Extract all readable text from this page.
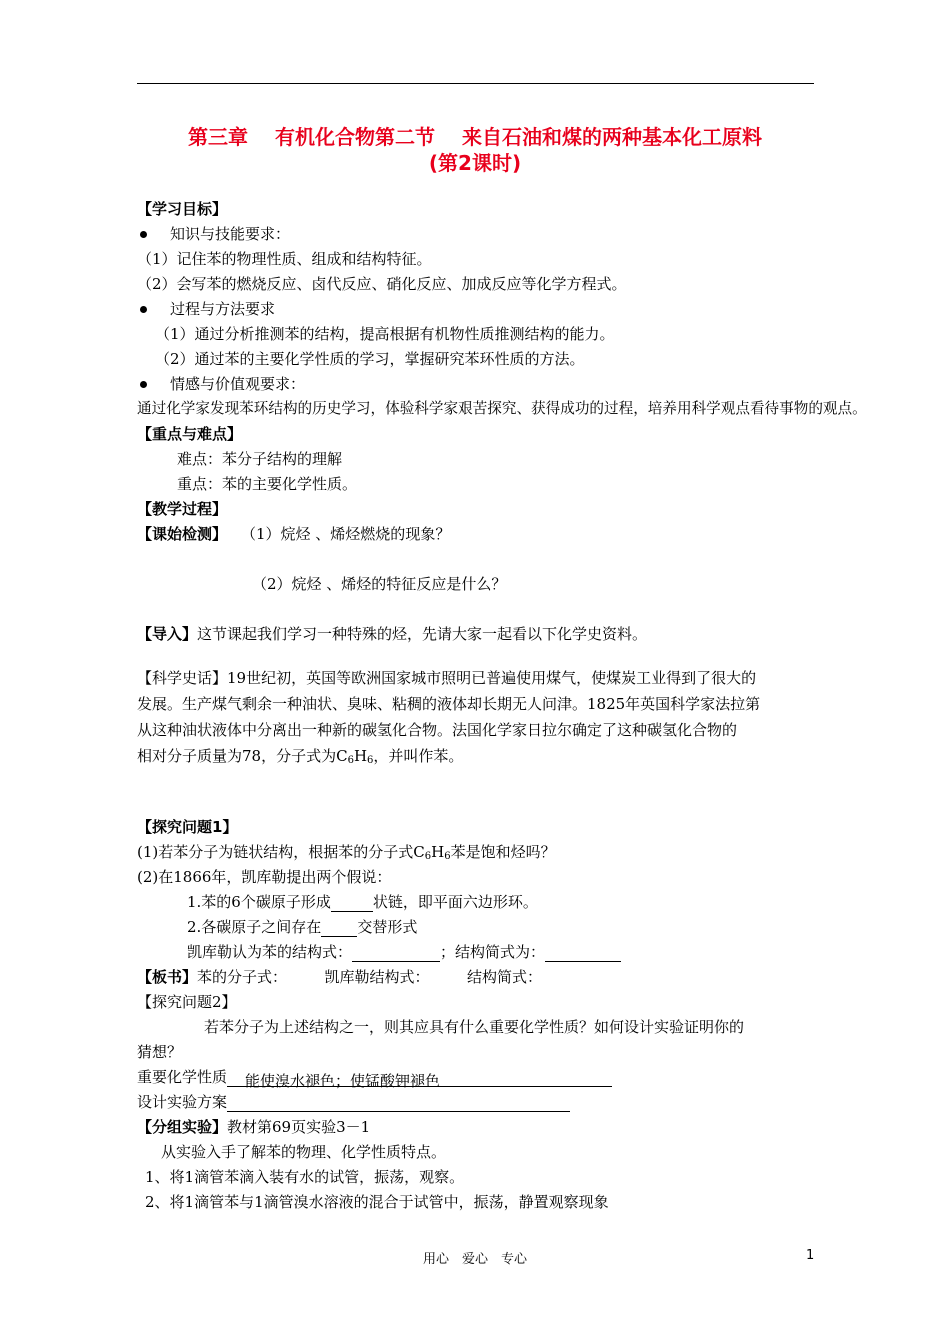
第三章　 有机化合物第二节　 来自石油和煤的两种基本化工原料
(第2课时)
【学习目标】
知识与技能要求：
（1）记住苯的物理性质、组成和结构特征。
（2）会写苯的燃烧反应、卤代反应、硝化反应、加成反应等化学方程式。
过程与方法要求
（1）通过分析推测苯的结构，提高根据有机物性质推测结构的能力。
（2）通过苯的主要化学性质的学习，掌握研究苯环性质的方法。
情感与价值观要求：
通过化学家发现苯环结构的历史学习，体验科学家艰苦探究、获得成功的过程，培养用科学观点看待事物的观点。
【重点与难点】
难点：苯分子结构的理解
重点：苯的主要化学性质。
【教学过程】
【课始检测】 （1）烷烃 、烯烃燃烧的现象？
（2）烷烃 、烯烃的特征反应是什么？
【导入】这节课起我们学习一种特殊的烃，先请大家一起看以下化学史资料。
【科学史话】19世纪初，英国等欧洲国家城市照明已普遍使用煤气，使煤炭工业得到了很大的
发展。生产煤气剩余一种油状、臭味、粘稠的液体却长期无人问津。1825年英国科学家法拉第
从这种油状液体中分离出一种新的碳氢化合物。法国化学家日拉尔确定了这种碳氢化合物的
相对分子质量为78，分子式为$C_6H_6$，并叫作苯。
【探究问题1】
(1)若苯分子为链状结构，根据苯的分子式$C_6H_6$苯是饱和烃吗？
(2)在1866年，凯库勒提出两个假说：
1.苯的6个碳原子形成	状链，即平面六边形环。
2.各碳原子之间存在 交替形式
凯库勒认为苯的结构式：	；结构简式为：
【板书】苯的分子式：　　　凯库勒结构式：　　　结构简式：
【探究问题2】
若苯分子为上述结构之一，则其应具有什么重要化学性质？如何设计实验证明你的
猜想？
重要化学性质 能使溴水褪色；使锰酸钾褪色
设计实验方案
【分组实验】教材第69页实验3－1
从实验入手了解苯的物理、化学性质特点。
1、将1滴管苯滴入装有水的试管，振荡，观察。
2、将1滴管苯与1滴管溴水溶液的混合于试管中，振荡，静置观察现象
用心　爱心　专心	1
